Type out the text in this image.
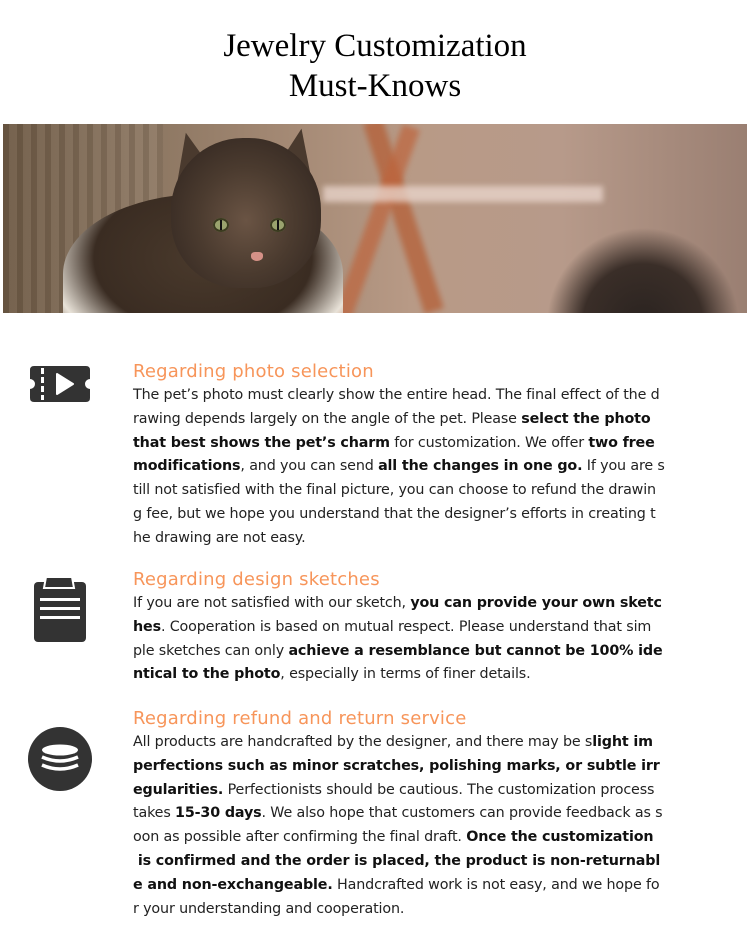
Jewelry Customization
Must-Knows
Regarding photo selection
The pet’s photo must clearly show the entire head. The final effect of the d
rawing depends largely on the angle of the pet. Please select the photo
that best shows the pet’s charm for customization. We offer two free
modifications, and you can send all the changes in one go. If you are s
till not satisfied with the final picture, you can choose to refund the drawin
g fee, but we hope you understand that the designer’s efforts in creating t
he drawing are not easy.
Regarding design sketches
If you are not satisfied with our sketch, you can provide your own sketc
hes. Cooperation is based on mutual respect. Please understand that sim
ple sketches can only achieve a resemblance but cannot be 100% ide
ntical to the photo, especially in terms of finer details.
Regarding refund and return service
All products are handcrafted by the designer, and there may be slight im
perfections such as minor scratches, polishing marks, or subtle irr
egularities. Perfectionists should be cautious. The customization process
takes 15-30 days. We also hope that customers can provide feedback as s
oon as possible after confirming the final draft. Once the customization
is confirmed and the order is placed, the product is non-returnabl
e and non-exchangeable. Handcrafted work is not easy, and we hope fo
r your understanding and cooperation.
